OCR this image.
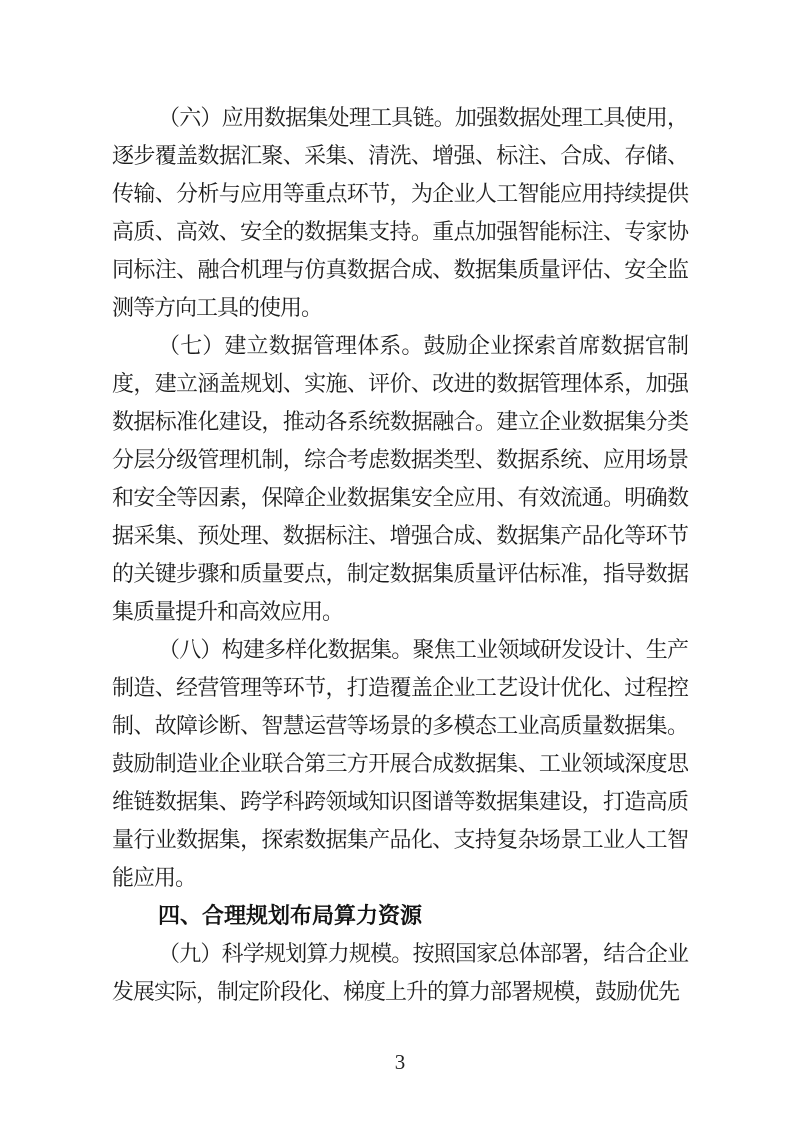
（六）应用数据集处理工具链。加强数据处理工具使用，逐步覆盖数据汇聚、采集、清洗、增强、标注、合成、存储、传输、分析与应用等重点环节，为企业人工智能应用持续提供高质、高效、安全的数据集支持。重点加强智能标注、专家协同标注、融合机理与仿真数据合成、数据集质量评估、安全监测等方向工具的使用。

（七）建立数据管理体系。鼓励企业探索首席数据官制度，建立涵盖规划、实施、评价、改进的数据管理体系，加强数据标准化建设，推动各系统数据融合。建立企业数据集分类分层分级管理机制，综合考虑数据类型、数据系统、应用场景和安全等因素，保障企业数据集安全应用、有效流通。明确数据采集、预处理、数据标注、增强合成、数据集产品化等环节的关键步骤和质量要点，制定数据集质量评估标准，指导数据集质量提升和高效应用。

（八）构建多样化数据集。聚焦工业领域研发设计、生产制造、经营管理等环节，打造覆盖企业工艺设计优化、过程控制、故障诊断、智慧运营等场景的多模态工业高质量数据集。鼓励制造业企业联合第三方开展合成数据集、工业领域深度思维链数据集、跨学科跨领域知识图谱等数据集建设，打造高质量行业数据集，探索数据集产品化、支持复杂场景工业人工智能应用。

四、合理规划布局算力资源

（九）科学规划算力规模。按照国家总体部署，结合企业发展实际，制定阶段化、梯度上升的算力部署规模，鼓励优先

3
